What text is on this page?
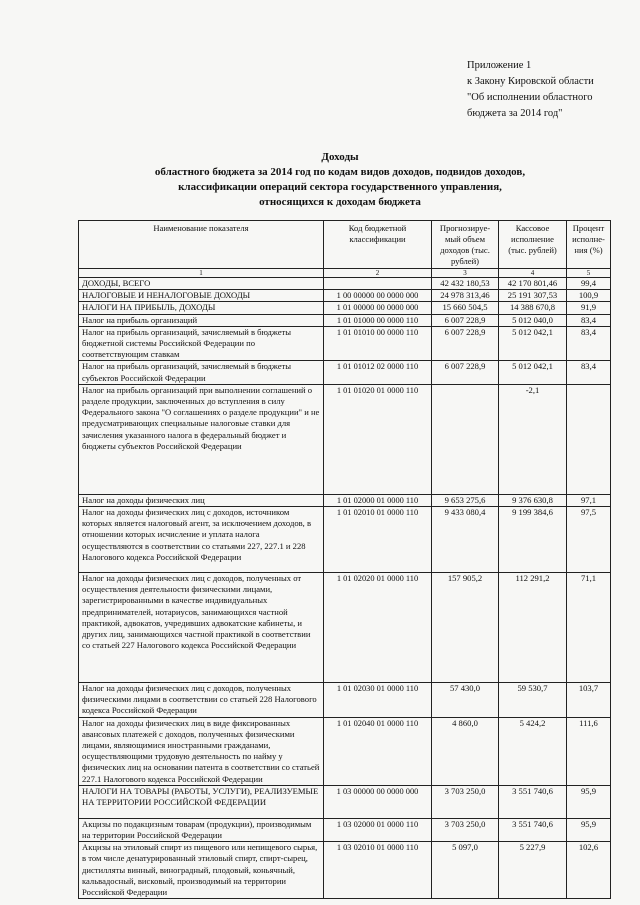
Приложение 1
к Закону Кировской области
"Об исполнении областного
бюджета за 2014 год"
Доходы
областного бюджета за 2014 год по кодам видов доходов, подвидов доходов,
классификации операций сектора государственного управления,
относящихся к доходам бюджета
Наименование показателя	Код бюджетной классификации	Прогнозируе-мый объем доходов (тыс. рублей)	Кассовое исполнение (тыс. рублей)	Процент исполне-ния (%)
1	2	3	4	5
ДОХОДЫ, ВСЕГО		42 432 180,53	42 170 801,46	99,4
НАЛОГОВЫЕ И НЕНАЛОГОВЫЕ ДОХОДЫ	1 00 00000 00 0000 000	24 978 313,46	25 191 307,53	100,9
НАЛОГИ НА ПРИБЫЛЬ, ДОХОДЫ	1 01 00000 00 0000 000	15 660 504,5	14 388 670,8	91,9
Налог на прибыль организаций	1 01 01000 00 0000 110	6 007 228,9	5 012 040,0	83,4
Налог на прибыль организаций, зачисляемый в бюджеты бюджетной системы Российской Федерации по соответствующим ставкам	1 01 01010 00 0000 110	6 007 228,9	5 012 042,1	83,4
Налог на прибыль организаций, зачисляемый в бюджеты субъектов Российской Федерации	1 01 01012 02 0000 110	6 007 228,9	5 012 042,1	83,4
Налог на прибыль организаций при выполнении соглашений о разделе продукции, заключенных до вступления в силу Федерального закона "О соглашениях о разделе продукции" и не предусматривающих специальные налоговые ставки для зачисления указанного налога в федеральный бюджет и бюджеты субъектов Российской Федерации	1 01 01020 01 0000 110		-2,1	
Налог на доходы физических лиц	1 01 02000 01 0000 110	9 653 275,6	9 376 630,8	97,1
Налог на доходы физических лиц с доходов, источником которых является налоговый агент, за исключением доходов, в отношении которых исчисление и уплата налога осуществляются в соответствии со статьями 227, 227.1 и 228 Налогового кодекса Российской Федерации	1 01 02010 01 0000 110	9 433 080,4	9 199 384,6	97,5
Налог на доходы физических лиц с доходов, полученных от осуществления деятельности физическими лицами, зарегистрированными в качестве индивидуальных предпринимателей, нотариусов, занимающихся частной практикой, адвокатов, учредивших адвокатские кабинеты, и других лиц, занимающихся частной практикой в соответствии со статьей 227 Налогового кодекса Российской Федерации	1 01 02020 01 0000 110	157 905,2	112 291,2	71,1
Налог на доходы физических лиц с доходов, полученных физическими лицами в соответствии со статьей 228 Налогового кодекса Российской Федерации	1 01 02030 01 0000 110	57 430,0	59 530,7	103,7
Налог на доходы физических лиц в виде фиксированных авансовых платежей с доходов, полученных физическими лицами, являющимися иностранными гражданами, осуществляющими трудовую деятельность по найму у физических лиц на основании патента в соответствии со статьей 227.1 Налогового кодекса Российской Федерации	1 01 02040 01 0000 110	4 860,0	5 424,2	111,6
НАЛОГИ НА ТОВАРЫ (РАБОТЫ, УСЛУГИ), РЕАЛИЗУЕМЫЕ НА ТЕРРИТОРИИ РОССИЙСКОЙ ФЕДЕРАЦИИ	1 03 00000 00 0000 000	3 703 250,0	3 551 740,6	95,9
Акцизы по подакцизным товарам (продукции), производимым на территории Российской Федерации	1 03 02000 01 0000 110	3 703 250,0	3 551 740,6	95,9
Акцизы на этиловый спирт из пищевого или непищевого сырья, в том числе денатурированный этиловый спирт, спирт-сырец, дистилляты винный, виноградный, плодовый, коньячный, кальвадосный, висковый, производимый на территории Российской Федерации	1 03 02010 01 0000 110	5 097,0	5 227,9	102,6
